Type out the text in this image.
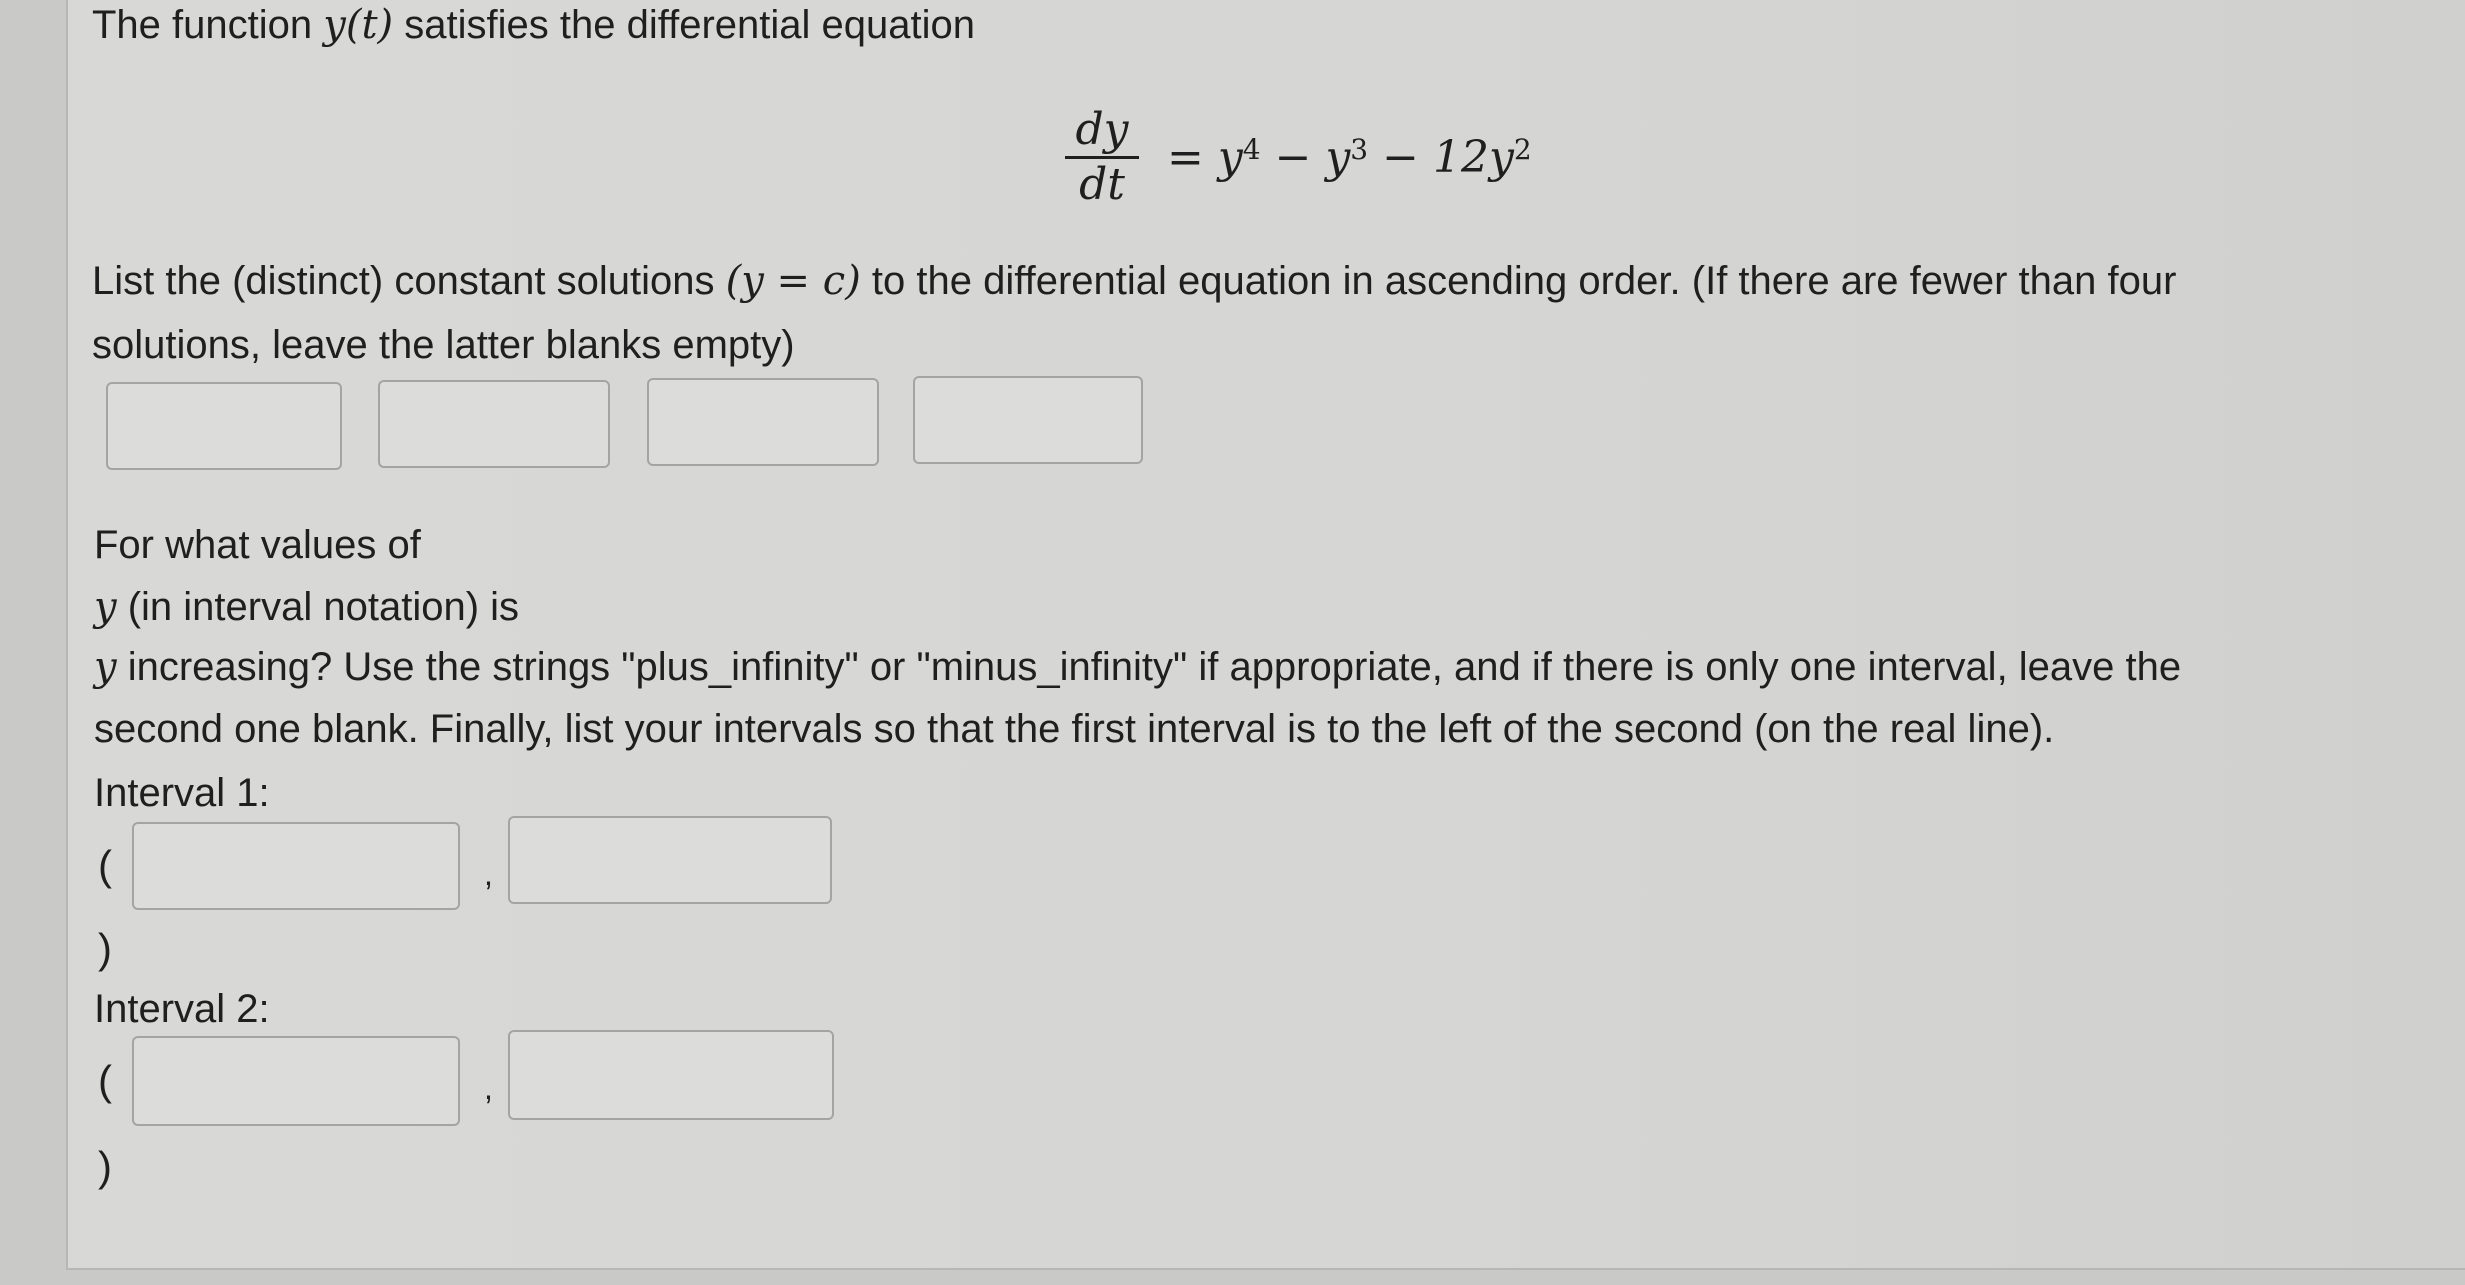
The function y(t) satisfies the differential equation
$\frac{dy}{dt} = y^4 - y^3 - 12y^2$
List the (distinct) constant solutions (y = c) to the differential equation in ascending order. (If there are fewer than four
solutions, leave the latter blanks empty)
For what values of
y (in interval notation) is
y increasing? Use the strings "plus_infinity" or "minus_infinity" if appropriate, and if there is only one interval, leave the
second one blank. Finally, list your intervals so that the first interval is to the left of the second (on the real line).
Interval 1:
(	,
)
Interval 2:
(	,
)
